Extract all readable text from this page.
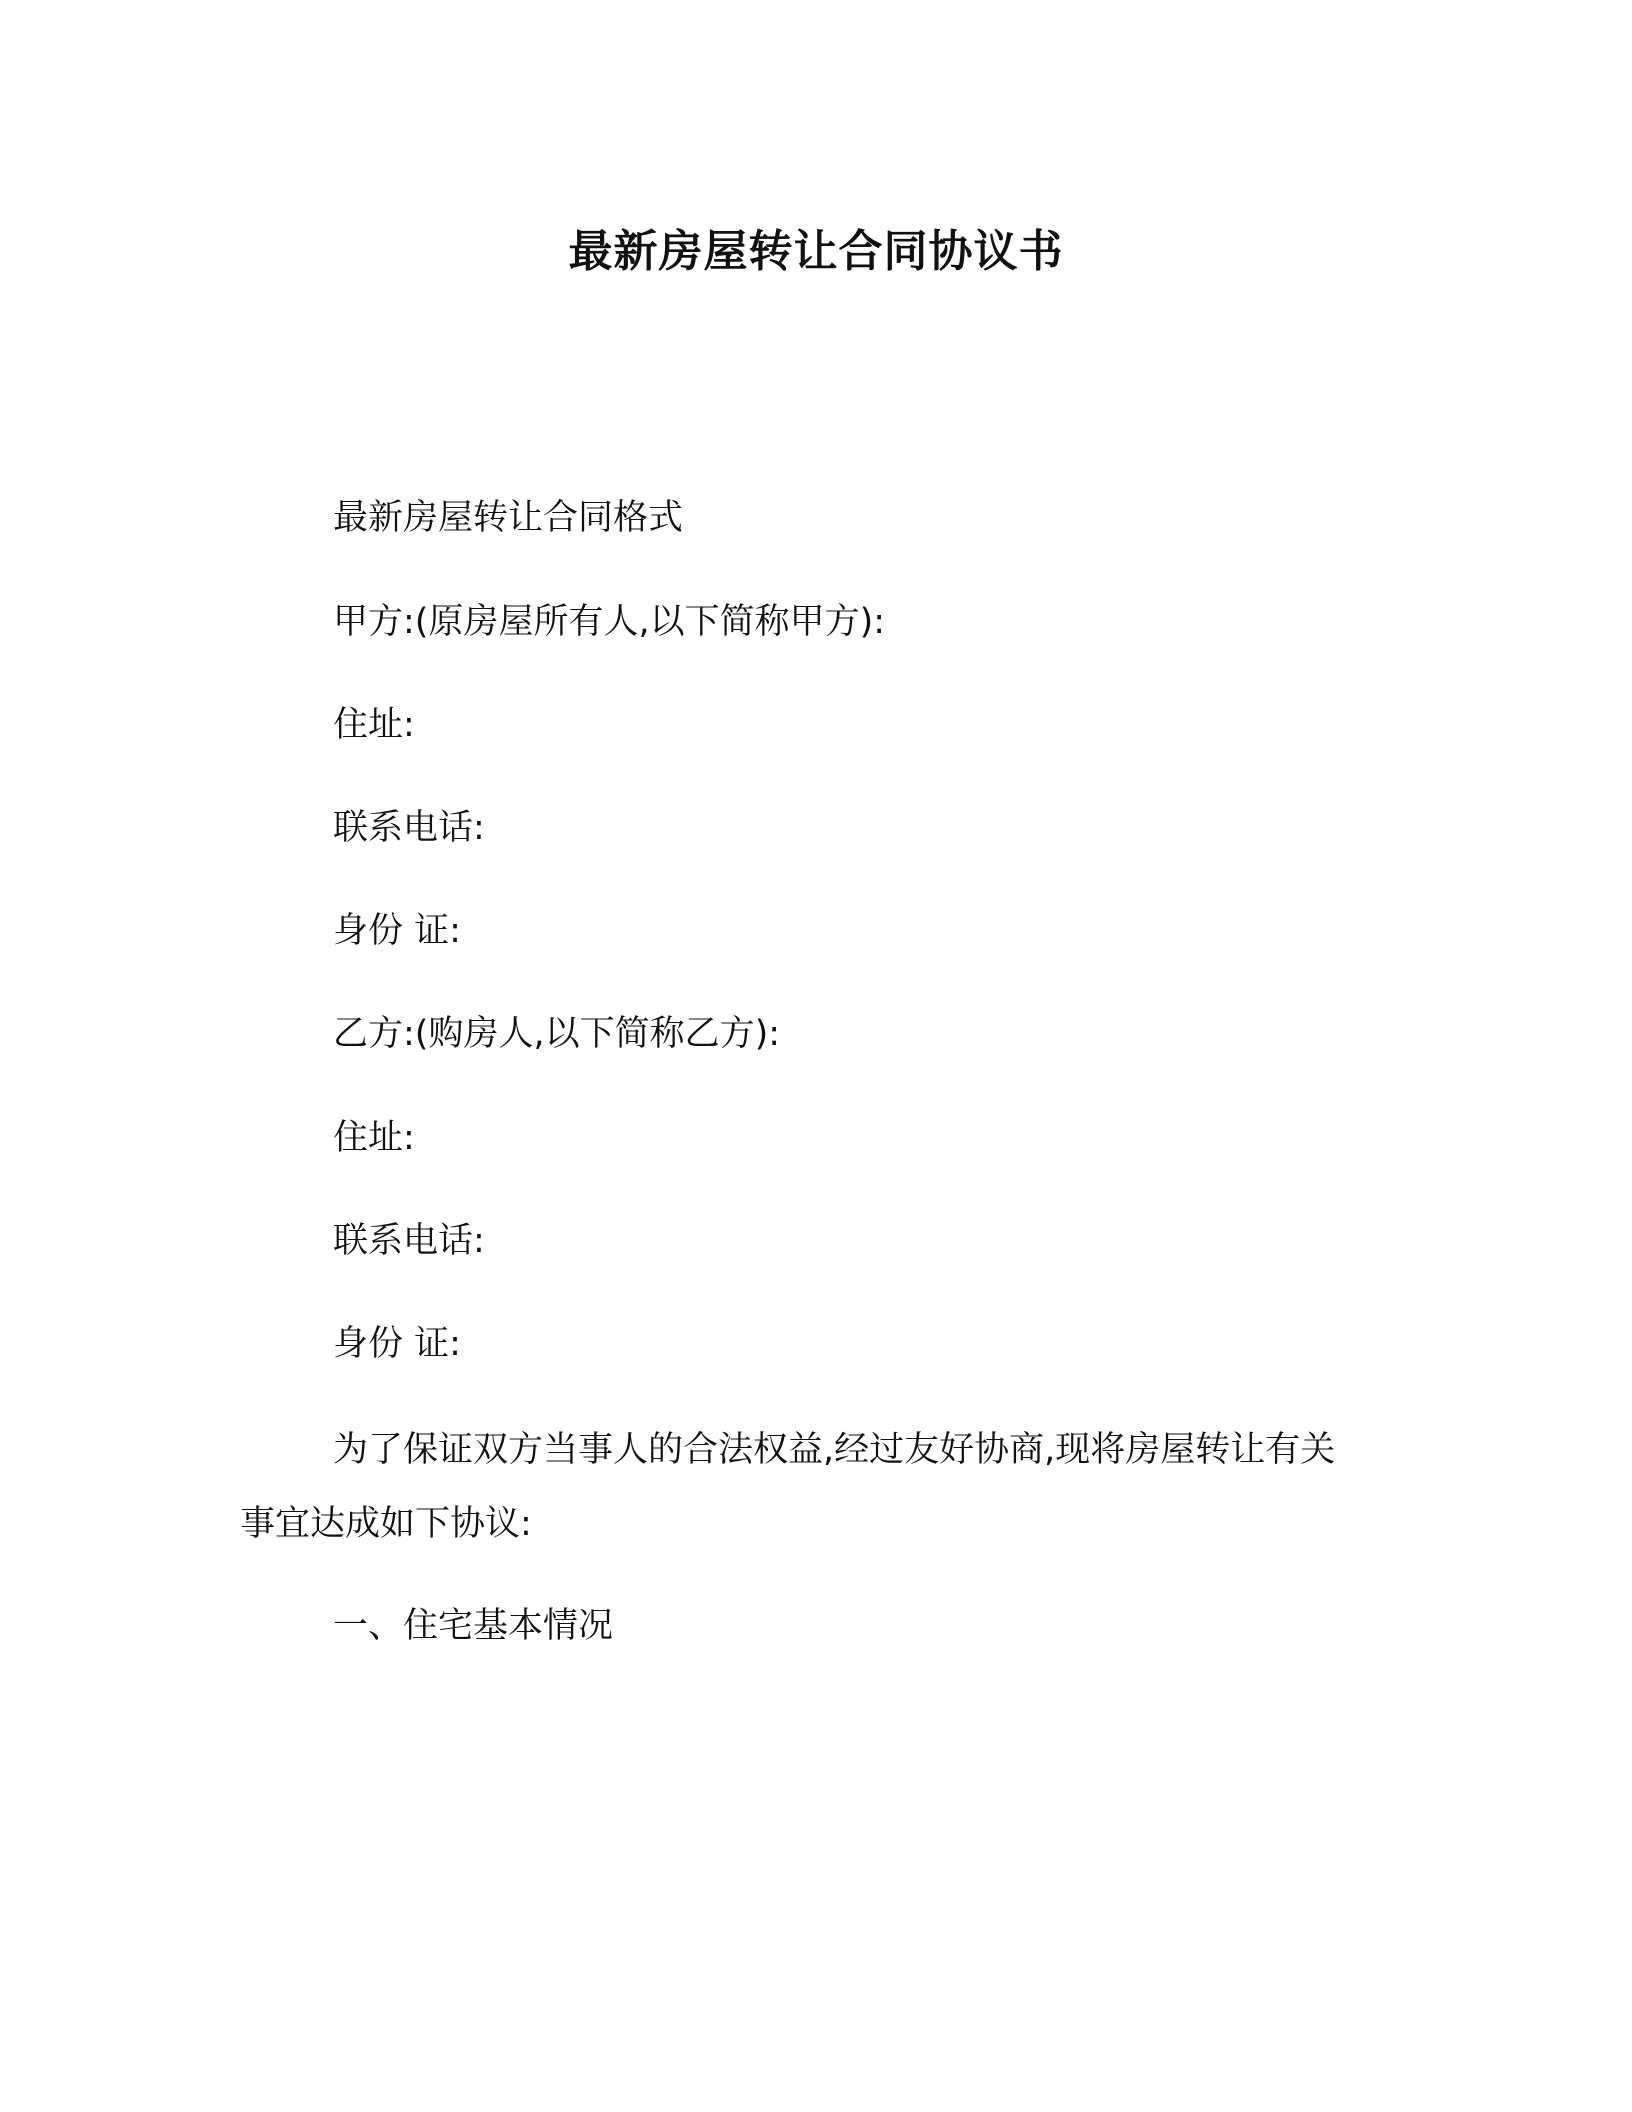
最新房屋转让合同协议书

最新房屋转让合同格式

甲方:(原房屋所有人,以下简称甲方):

住址:

联系电话:

身份 证:

乙方:(购房人,以下简称乙方):

住址:

联系电话:

身份 证:

为了保证双方当事人的合法权益,经过友好协商,现将房屋转让有关事宜达成如下协议:

一、住宅基本情况
